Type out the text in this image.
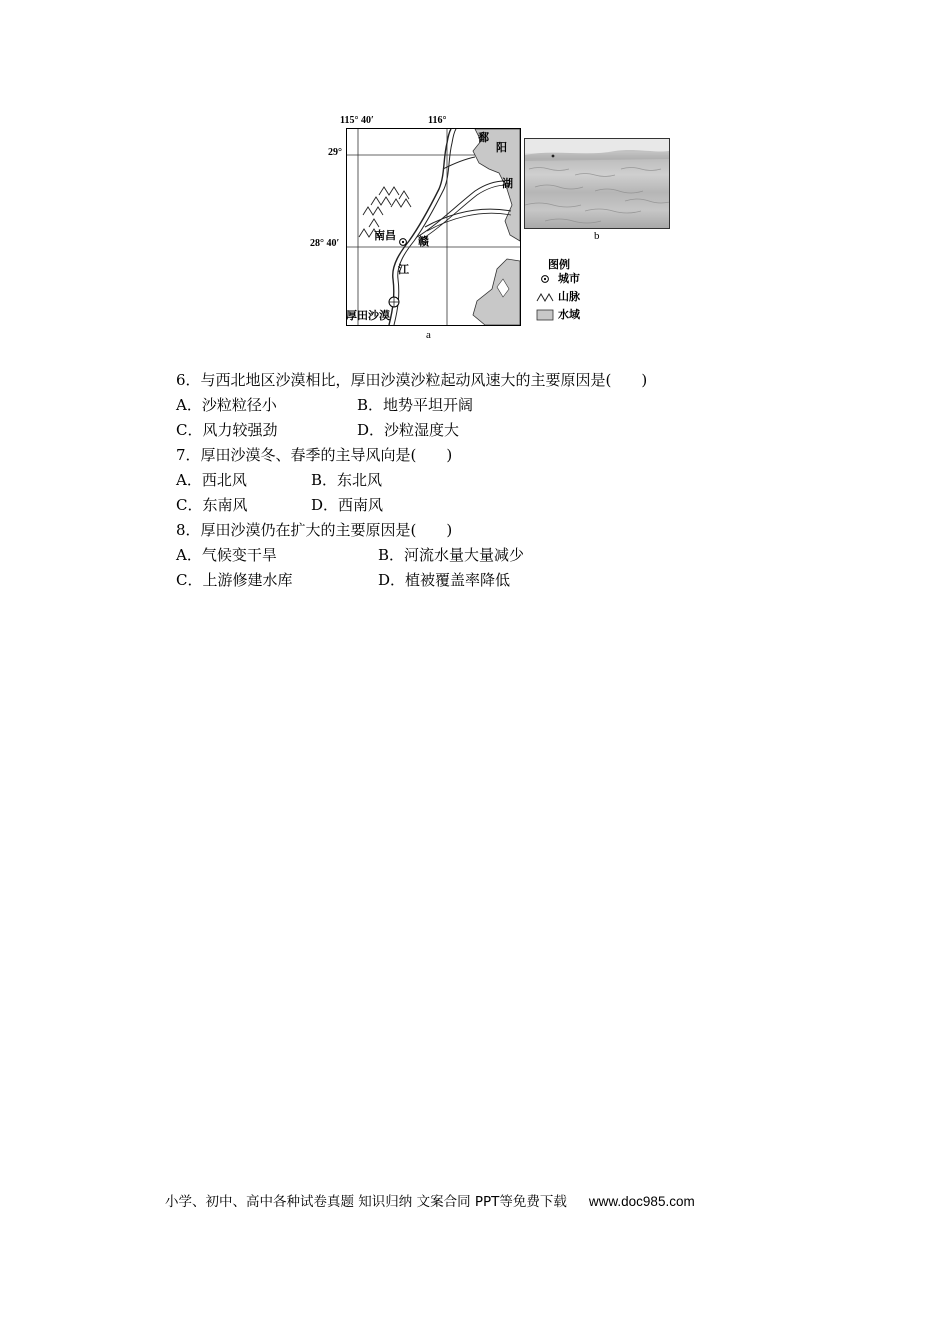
115° 40′	116°
29°
28° 40′
鄱
阳
湖
南昌 赣
江
厚田沙漠
a
b
图例
城市
山脉
水域
6．与西北地区沙漠相比，厚田沙漠沙粒起动风速大的主要原因是(　　)
A．沙粒粒径小	B．地势平坦开阔
C．风力较强劲	D．沙粒湿度大
7．厚田沙漠冬、春季的主导风向是(　　)
A．西北风	B．东北风
C．东南风	D．西南风
8．厚田沙漠仍在扩大的主要原因是(　　)
A．气候变干旱	B．河流水量大量减少
C．上游修建水库	D．植被覆盖率降低
小学、初中、高中各种试卷真题 知识归纳 文案合同 PPT等免费下载 www.doc985.com
